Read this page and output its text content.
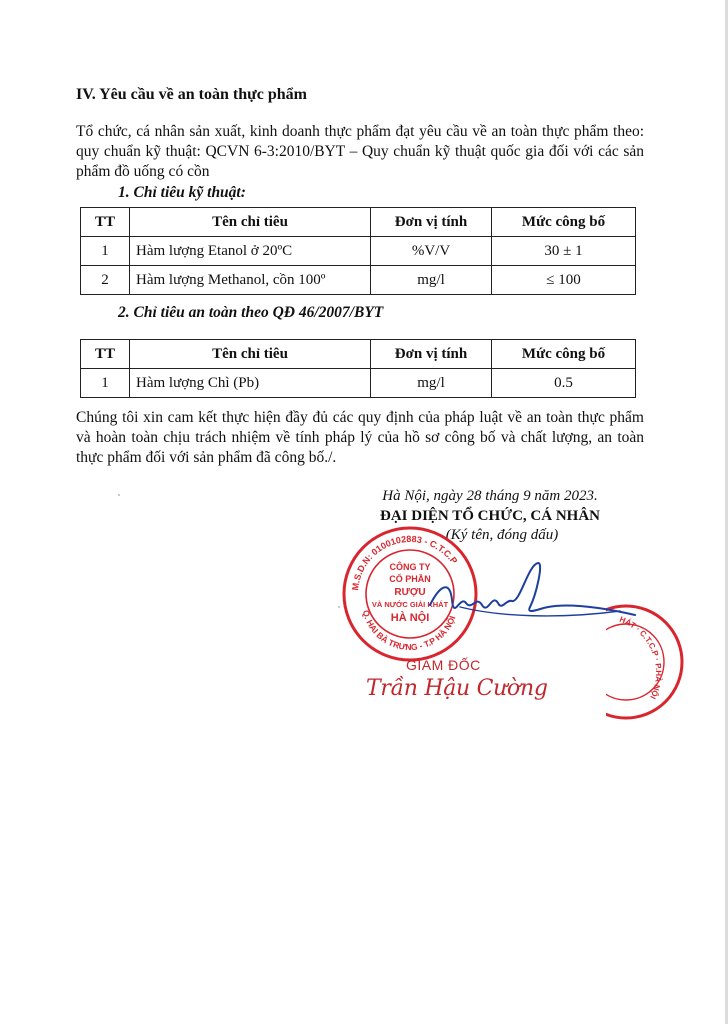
IV. Yêu cầu về an toàn thực phẩm
Tổ chức, cá nhân sản xuất, kinh doanh thực phẩm đạt yêu cầu về an toàn thực phẩm theo: quy chuẩn kỹ thuật: QCVN 6-3:2010/BYT – Quy chuẩn kỹ thuật quốc gia đối với các sản phẩm đồ uống có cồn
1. Chỉ tiêu kỹ thuật:
TT	Tên chỉ tiêu	Đơn vị tính	Mức công bố
1	Hàm lượng Etanol ở 20ºC	%V/V	30 ± 1
2	Hàm lượng Methanol, cồn 100º	mg/l	≤ 100
2. Chỉ tiêu an toàn theo QĐ 46/2007/BYT
TT	Tên chỉ tiêu	Đơn vị tính	Mức công bố
1	Hàm lượng Chì (Pb)	mg/l	0.5
Chúng tôi xin cam kết thực hiện đầy đủ các quy định của pháp luật về an toàn thực phẩm và hoàn toàn chịu trách nhiệm về tính pháp lý của hồ sơ công bố và chất lượng, an toàn thực phẩm đối với sản phẩm đã công bố./.
Hà Nội, ngày 28 tháng 9 năm 2023.
ĐẠI DIỆN TỔ CHỨC, CÁ NHÂN
(Ký tên, đóng dấu)
M.S.D.N: 0100102883 - C.T.C.P
Q. HAI BÀ TRƯNG - T.P HÀ NỘI
CÔNG TY
CỔ PHẦN
RƯỢU
VÀ NƯỚC GIẢI KHÁT
HÀ NỘI	HÁT · C.T.C.P · P.HÀ NỘI
GIÁM ĐỐC
Trần Hậu Cường
